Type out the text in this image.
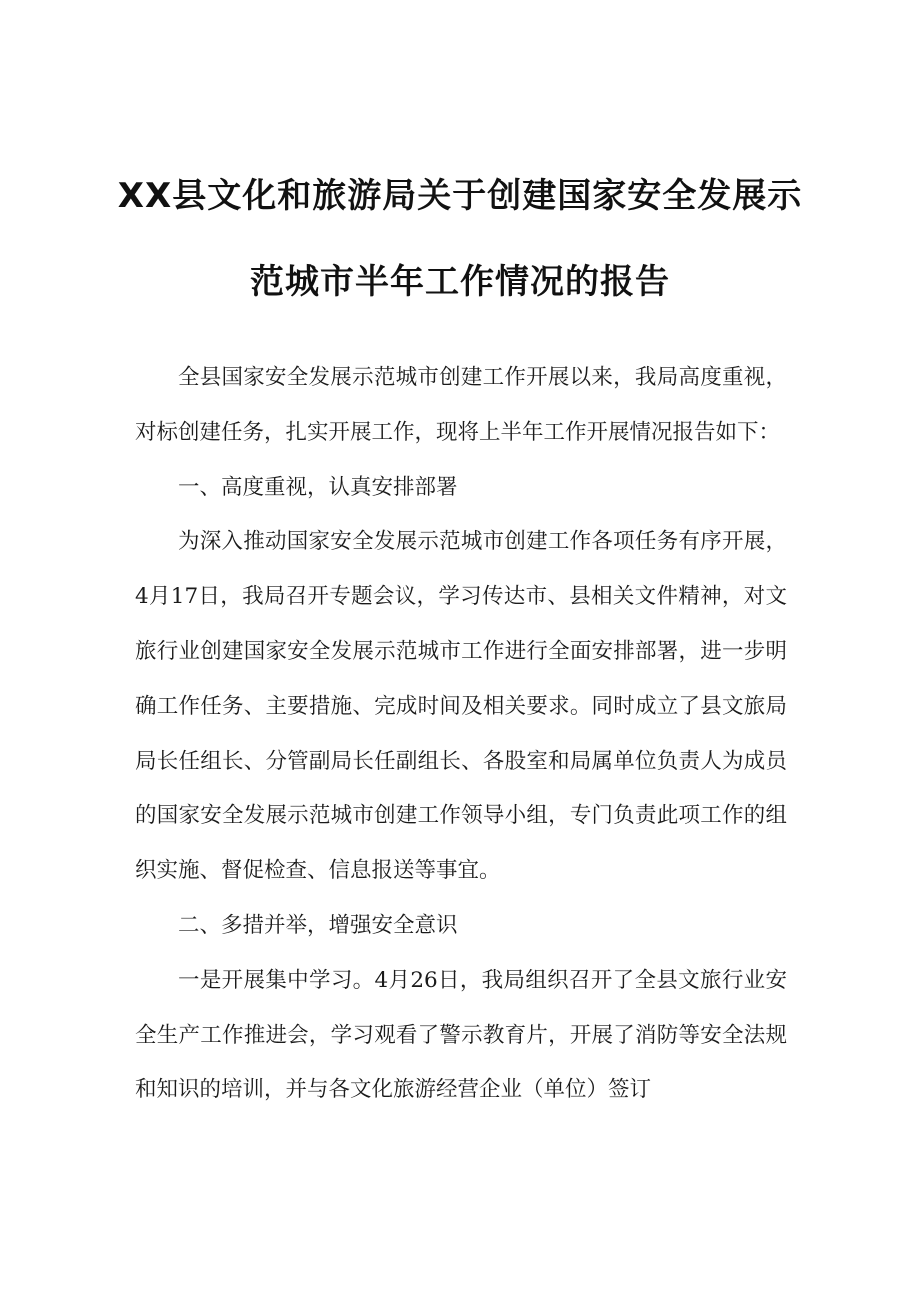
XX县文化和旅游局关于创建国家安全发展示
范城市半年工作情况的报告

全县国家安全发展示范城市创建工作开展以来，我局高度重视，对标创建任务，扎实开展工作，现将上半年工作开展情况报告如下：

一、高度重视，认真安排部署

为深入推动国家安全发展示范城市创建工作各项任务有序开展，4月17日，我局召开专题会议，学习传达市、县相关文件精神，对文旅行业创建国家安全发展示范城市工作进行全面安排部署，进一步明确工作任务、主要措施、完成时间及相关要求。同时成立了县文旅局局长任组长、分管副局长任副组长、各股室和局属单位负责人为成员的国家安全发展示范城市创建工作领导小组，专门负责此项工作的组织实施、督促检查、信息报送等事宜。

二、多措并举，增强安全意识

一是开展集中学习。4月26日，我局组织召开了全县文旅行业安全生产工作推进会，学习观看了警示教育片，开展了消防等安全法规和知识的培训，并与各文化旅游经营企业（单位）签订
